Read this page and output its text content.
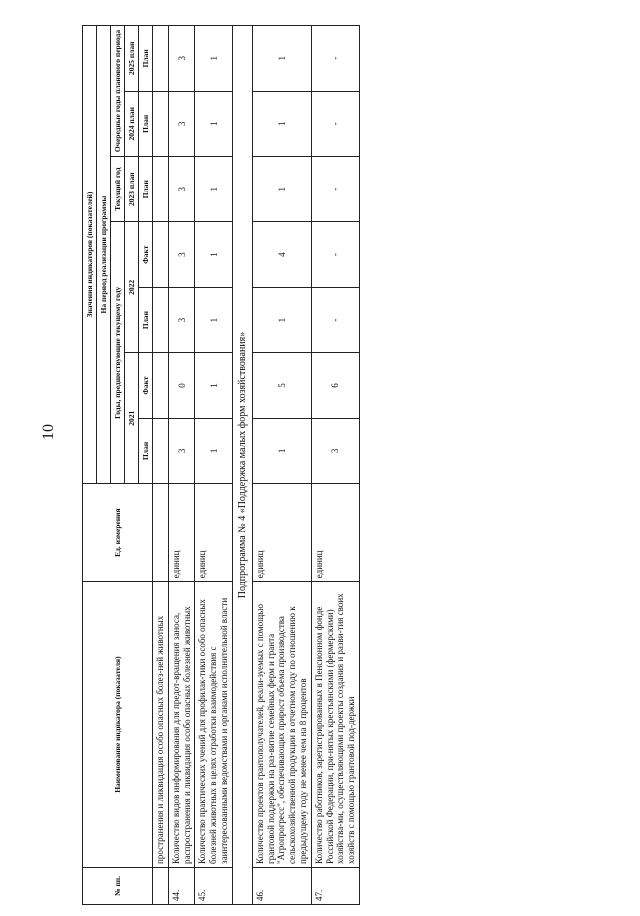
10
№ пп.	Наименование индикатора (показателя)	Ед. измерения	Значения индикаторов (показателей)						
			На период реализации программы						
			Годы, предшествующие текущему году				Текущий год	Очередные годы планового периода	
			2021		2022		2023 план	2024 план	2025 план
			План	Факт	План	Факт	План	План	План
	пространения и ликвидация особо опасных болез-ней животных								
44.	Количество видов информирования для предот-вращения заноса, распространения и ликвидация особо опасных болезней животных	единиц	3	0	3	3	3	3	3
45.	Количество практических учений для профилак-тики особо опасных болезней животных в целях отработки взаимодействия с заинтересованными ведомствами и органами исполнительной власти	единиц	1	1	1	1	1	1	1
Подпрограмма № 4 «Поддержка малых форм хозяйствования»									
46.	Количество проектов грантополучателей, реали-зуемых с помощью грантовой поддержки на раз-витие семейных ферм и гранта "Агропрогресс", обеспечивающих прирост объема производства сельскохозяйственной продукции в отчетном году по отношению к предыдущему году не менее чем на 8 процентов	единиц	1	5	1	4	1	1	1
47.	Количество работников, зарегистрированных в Пенсионном фонде Российской Федерации, при-нятых крестьянскими (фермерскими) хозяйства-ми, осуществляющими проекты создания и разви-тия своих хозяйств с помощью грантовой под-держки	единиц	3	6	-	-	-	-	-
